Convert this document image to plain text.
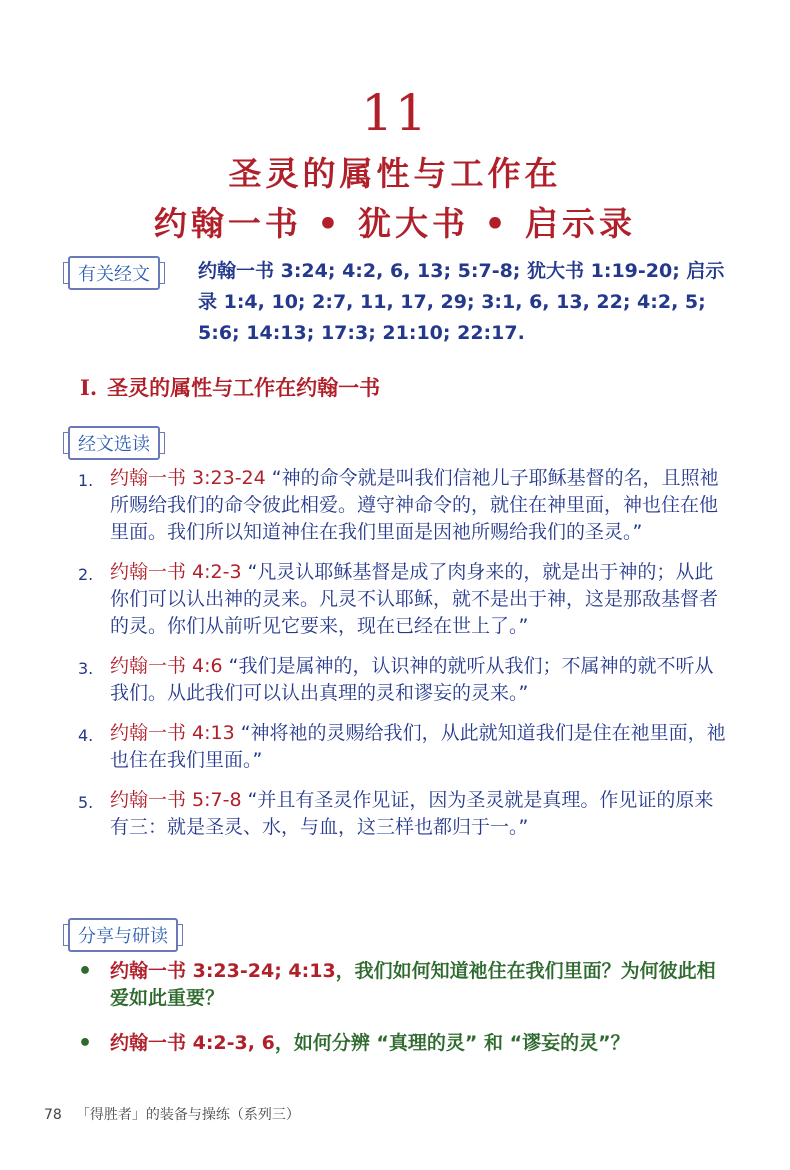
11
圣灵的属性与工作在
约翰一书 • 犹大书 • 启示录
有关经文	约翰一书 3:24; 4:2, 6, 13; 5:7-8; 犹大书 1:19-20; 启示录 1:4, 10; 2:7, 11, 17, 29; 3:1, 6, 13, 22; 4:2, 5; 5:6; 14:13; 17:3; 21:10; 22:17.
I. 圣灵的属性与工作在约翰一书
经文选读
1. 约翰一书 3:23-24 “神的命令就是叫我们信祂儿子耶稣基督的名，且照祂所赐给我们的命令彼此相爱。遵守神命令的，就住在神里面，神也住在他里面。我们所以知道神住在我们里面是因祂所赐给我们的圣灵。”
2. 约翰一书 4:2-3 “凡灵认耶稣基督是成了肉身来的，就是出于神的；从此你们可以认出神的灵来。凡灵不认耶稣，就不是出于神，这是那敌基督者的灵。你们从前听见它要来，现在已经在世上了。”
3. 约翰一书 4:6 “我们是属神的，认识神的就听从我们；不属神的就不听从我们。从此我们可以认出真理的灵和谬妄的灵来。”
4. 约翰一书 4:13 “神将祂的灵赐给我们，从此就知道我们是住在祂里面，祂也住在我们里面。”
5. 约翰一书 5:7-8 “并且有圣灵作见证，因为圣灵就是真理。作见证的原来有三：就是圣灵、水，与血，这三样也都归于一。”
分享与研读
• 约翰一书 3:23-24; 4:13，我们如何知道祂住在我们里面？为何彼此相爱如此重要？
• 约翰一书 4:2-3, 6，如何分辨 “真理的灵” 和 “谬妄的灵”？
78 「得胜者」的装备与操练（系列三）
